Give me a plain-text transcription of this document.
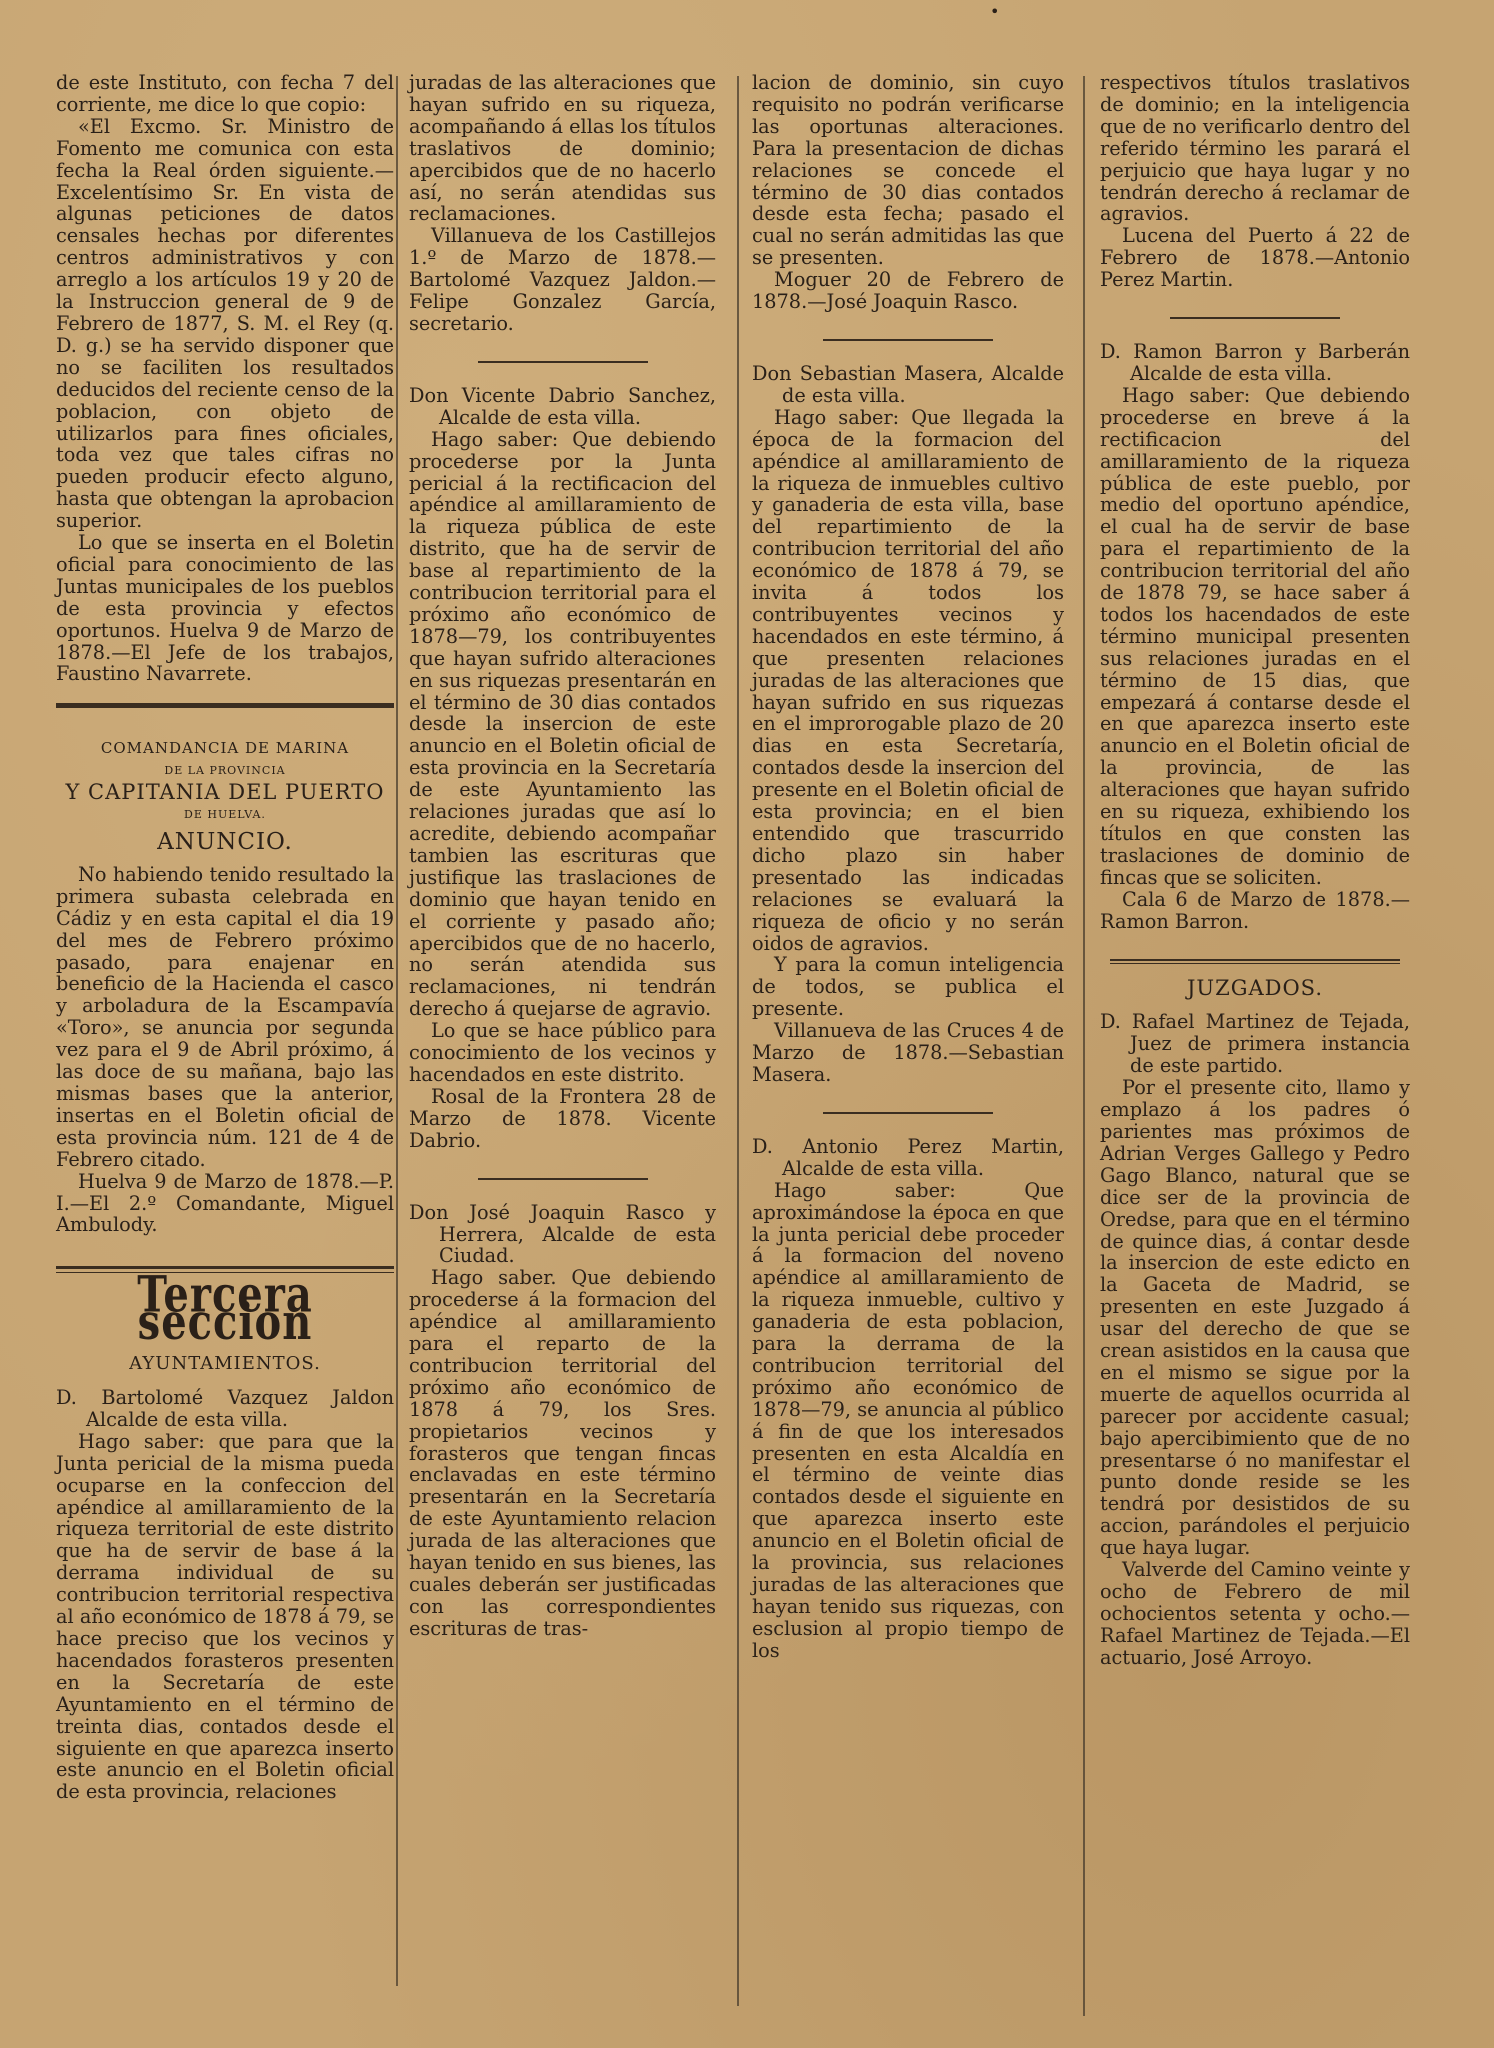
•

de este Instituto, con fecha 7 del corriente, me dice lo que copio:

«El Excmo. Sr. Ministro de Fomento me comunica con esta fecha la Real órden siguiente.—Excelentísimo Sr. En vista de algunas peticiones de datos censales hechas por diferentes centros administrativos y con arreglo a los artículos 19 y 20 de la Instruccion general de 9 de Febrero de 1877, S. M. el Rey (q. D. g.) se ha servido disponer que no se faciliten los resultados deducidos del reciente censo de la poblacion, con objeto de utilizarlos para fines oficiales, toda vez que tales cifras no pueden producir efecto alguno, hasta que obtengan la aprobacion superior.

Lo que se inserta en el Boletin oficial para conocimiento de las Juntas municipales de los pueblos de esta provincia y efectos oportunos. Huelva 9 de Marzo de 1878.—El Jefe de los trabajos, Faustino Navarrete.

COMANDANCIA DE MARINA
DE LA PROVINCIA
Y CAPITANIA DEL PUERTO
DE HUELVA.
ANUNCIO.

No habiendo tenido resultado la primera subasta celebrada en Cádiz y en esta capital el dia 19 del mes de Febrero próximo pasado, para enajenar en beneficio de la Hacienda el casco y arboladura de la Escampavía «Toro», se anuncia por segunda vez para el 9 de Abril próximo, á las doce de su mañana, bajo las mismas bases que la anterior, insertas en el Boletin oficial de esta provincia núm. 121 de 4 de Febrero citado.

Huelva 9 de Marzo de 1878.—P. I.—El 2.º Comandante, Miguel Ambulody.

Tercera seccion
AYUNTAMIENTOS.

D. Bartolomé Vazquez Jaldon Alcalde de esta villa.

Hago saber: que para que la Junta pericial de la misma pueda ocuparse en la confeccion del apéndice al amillaramiento de la riqueza territorial de este distrito que ha de servir de base á la derrama individual de su contribucion territorial respectiva al año económico de 1878 á 79, se hace preciso que los vecinos y hacendados forasteros presenten en la Secretaría de este Ayuntamiento en el término de treinta dias, contados desde el siguiente en que aparezca inserto este anuncio en el Boletin oficial de esta provincia, relaciones

juradas de las alteraciones que hayan sufrido en su riqueza, acompañando á ellas los títulos traslativos de dominio; apercibidos que de no hacerlo así, no serán atendidas sus reclamaciones.

Villanueva de los Castillejos 1.º de Marzo de 1878.—Bartolomé Vazquez Jaldon.—Felipe Gonzalez García, secretario.

Don Vicente Dabrio Sanchez, Alcalde de esta villa.

Hago saber: Que debiendo procederse por la Junta pericial á la rectificacion del apéndice al amillaramiento de la riqueza pública de este distrito, que ha de servir de base al repartimiento de la contribucion territorial para el próximo año económico de 1878—79, los contribuyentes que hayan sufrido alteraciones en sus riquezas presentarán en el término de 30 dias contados desde la insercion de este anuncio en el Boletin oficial de esta provincia en la Secretaría de este Ayuntamiento las relaciones juradas que así lo acredite, debiendo acompañar tambien las escrituras que justifique las traslaciones de dominio que hayan tenido en el corriente y pasado año; apercibidos que de no hacerlo, no serán atendida sus reclamaciones, ni tendrán derecho á quejarse de agravio.

Lo que se hace público para conocimiento de los vecinos y hacendados en este distrito.

Rosal de la Frontera 28 de Marzo de 1878. Vicente Dabrio.

Don José Joaquin Rasco y Herrera, Alcalde de esta Ciudad.

Hago saber. Que debiendo procederse á la formacion del apéndice al amillaramiento para el reparto de la contribucion territorial del próximo año económico de 1878 á 79, los Sres. propietarios vecinos y forasteros que tengan fincas enclavadas en este término presentarán en la Secretaría de este Ayuntamiento relacion jurada de las alteraciones que hayan tenido en sus bienes, las cuales deberán ser justificadas con las correspondientes escrituras de tras-

lacion de dominio, sin cuyo requisito no podrán verificarse las oportunas alteraciones. Para la presentacion de dichas relaciones se concede el término de 30 dias contados desde esta fecha; pasado el cual no serán admitidas las que se presenten.

Moguer 20 de Febrero de 1878.—José Joaquin Rasco.

Don Sebastian Masera, Alcalde de esta villa.

Hago saber: Que llegada la época de la formacion del apéndice al amillaramiento de la riqueza de inmuebles cultivo y ganaderia de esta villa, base del repartimiento de la contribucion territorial del año económico de 1878 á 79, se invita á todos los contribuyentes vecinos y hacendados en este término, á que presenten relaciones juradas de las alteraciones que hayan sufrido en sus riquezas en el improrogable plazo de 20 dias en esta Secretaría, contados desde la insercion del presente en el Boletin oficial de esta provincia; en el bien entendido que trascurrido dicho plazo sin haber presentado las indicadas relaciones se evaluará la riqueza de oficio y no serán oidos de agravios.

Y para la comun inteligencia de todos, se publica el presente.

Villanueva de las Cruces 4 de Marzo de 1878.—Sebastian Masera.

D. Antonio Perez Martin, Alcalde de esta villa.

Hago saber: Que aproximándose la época en que la junta pericial debe proceder á la formacion del noveno apéndice al amillaramiento de la riqueza inmueble, cultivo y ganaderia de esta poblacion, para la derrama de la contribucion territorial del próximo año económico de 1878—79, se anuncia al público á fin de que los interesados presenten en esta Alcaldía en el término de veinte dias contados desde el siguiente en que aparezca inserto este anuncio en el Boletin oficial de la provincia, sus relaciones juradas de las alteraciones que hayan tenido sus riquezas, con esclusion al propio tiempo de los

respectivos títulos traslativos de dominio; en la inteligencia que de no verificarlo dentro del referido término les parará el perjuicio que haya lugar y no tendrán derecho á reclamar de agravios.

Lucena del Puerto á 22 de Febrero de 1878.—Antonio Perez Martin.

D. Ramon Barron y Barberán Alcalde de esta villa.

Hago saber: Que debiendo procederse en breve á la rectificacion del amillaramiento de la riqueza pública de este pueblo, por medio del oportuno apéndice, el cual ha de servir de base para el repartimiento de la contribucion territorial del año de 1878 79, se hace saber á todos los hacendados de este término municipal presenten sus relaciones juradas en el término de 15 dias, que empezará á contarse desde el en que aparezca inserto este anuncio en el Boletin oficial de la provincia, de las alteraciones que hayan sufrido en su riqueza, exhibiendo los títulos en que consten las traslaciones de dominio de fincas que se soliciten.

Cala 6 de Marzo de 1878.—Ramon Barron.

JUZGADOS.

D. Rafael Martinez de Tejada, Juez de primera instancia de este partido.

Por el presente cito, llamo y emplazo á los padres ó parientes mas próximos de Adrian Verges Gallego y Pedro Gago Blanco, natural que se dice ser de la provincia de Oredse, para que en el término de quince dias, á contar desde la insercion de este edicto en la Gaceta de Madrid, se presenten en este Juzgado á usar del derecho de que se crean asistidos en la causa que en el mismo se sigue por la muerte de aquellos ocurrida al parecer por accidente casual; bajo apercibimiento que de no presentarse ó no manifestar el punto donde reside se les tendrá por desistidos de su accion, parándoles el perjuicio que haya lugar.

Valverde del Camino veinte y ocho de Febrero de mil ochocientos setenta y ocho.—Rafael Martinez de Tejada.—El actuario, José Arroyo.
